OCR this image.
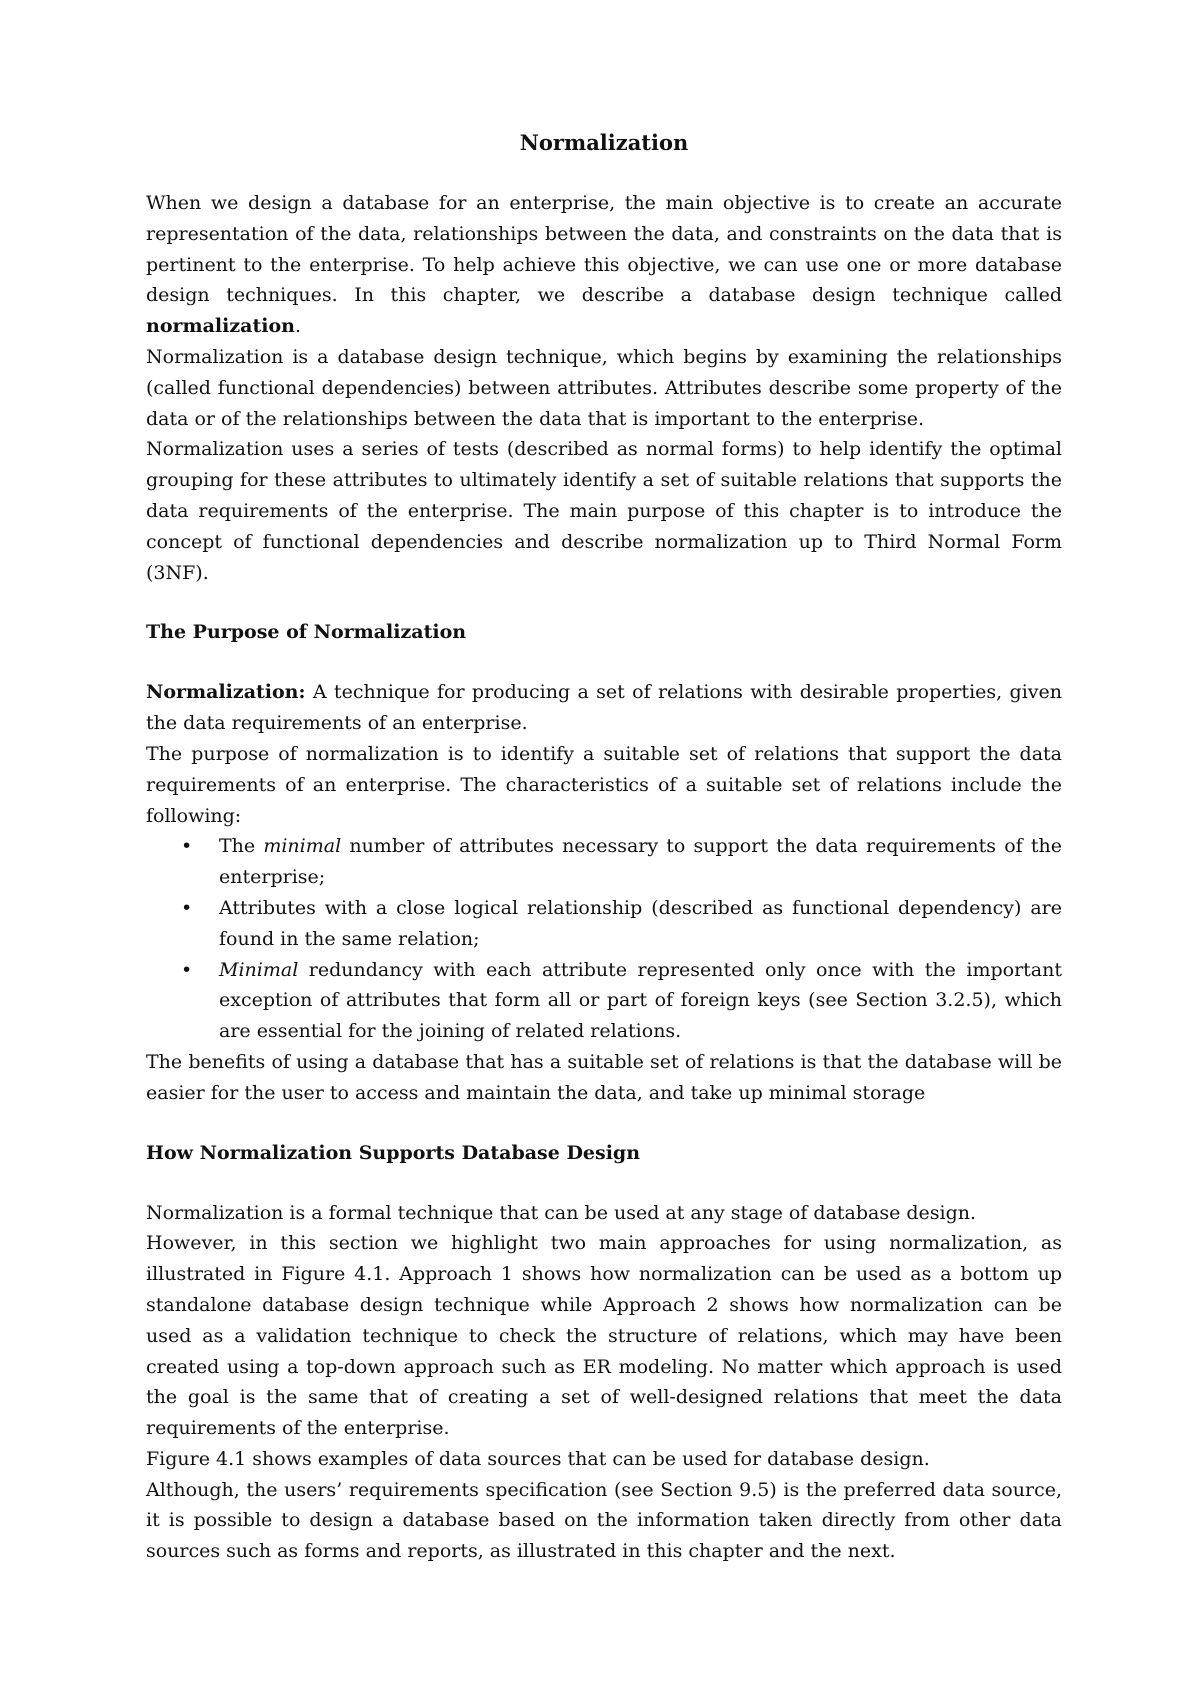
Normalization

When we design a database for an enterprise, the main objective is to create an accurate representation of the data, relationships between the data, and constraints on the data that is pertinent to the enterprise. To help achieve this objective, we can use one or more database design techniques. In this chapter, we describe a database design technique called normalization.

Normalization is a database design technique, which begins by examining the relationships (called functional dependencies) between attributes. Attributes describe some property of the data or of the relationships between the data that is important to the enterprise.

Normalization uses a series of tests (described as normal forms) to help identify the optimal grouping for these attributes to ultimately identify a set of suitable relations that supports the data requirements of the enterprise. The main purpose of this chapter is to introduce the concept of functional dependencies and describe normalization up to Third Normal Form (3NF).

The Purpose of Normalization

Normalization: A technique for producing a set of relations with desirable properties, given the data requirements of an enterprise.

The purpose of normalization is to identify a suitable set of relations that support the data requirements of an enterprise. The characteristics of a suitable set of relations include the following:

• The minimal number of attributes necessary to support the data requirements of the enterprise;
• Attributes with a close logical relationship (described as functional dependency) are found in the same relation;
• Minimal redundancy with each attribute represented only once with the important exception of attributes that form all or part of foreign keys (see Section 3.2.5), which are essential for the joining of related relations.

The benefits of using a database that has a suitable set of relations is that the database will be easier for the user to access and maintain the data, and take up minimal storage

How Normalization Supports Database Design

Normalization is a formal technique that can be used at any stage of database design.

However, in this section we highlight two main approaches for using normalization, as illustrated in Figure 4.1. Approach 1 shows how normalization can be used as a bottom up standalone database design technique while Approach 2 shows how normalization can be used as a validation technique to check the structure of relations, which may have been created using a top-down approach such as ER modeling. No matter which approach is used the goal is the same that of creating a set of well-designed relations that meet the data requirements of the enterprise.

Figure 4.1 shows examples of data sources that can be used for database design.

Although, the users’ requirements specification (see Section 9.5) is the preferred data source, it is possible to design a database based on the information taken directly from other data sources such as forms and reports, as illustrated in this chapter and the next.
